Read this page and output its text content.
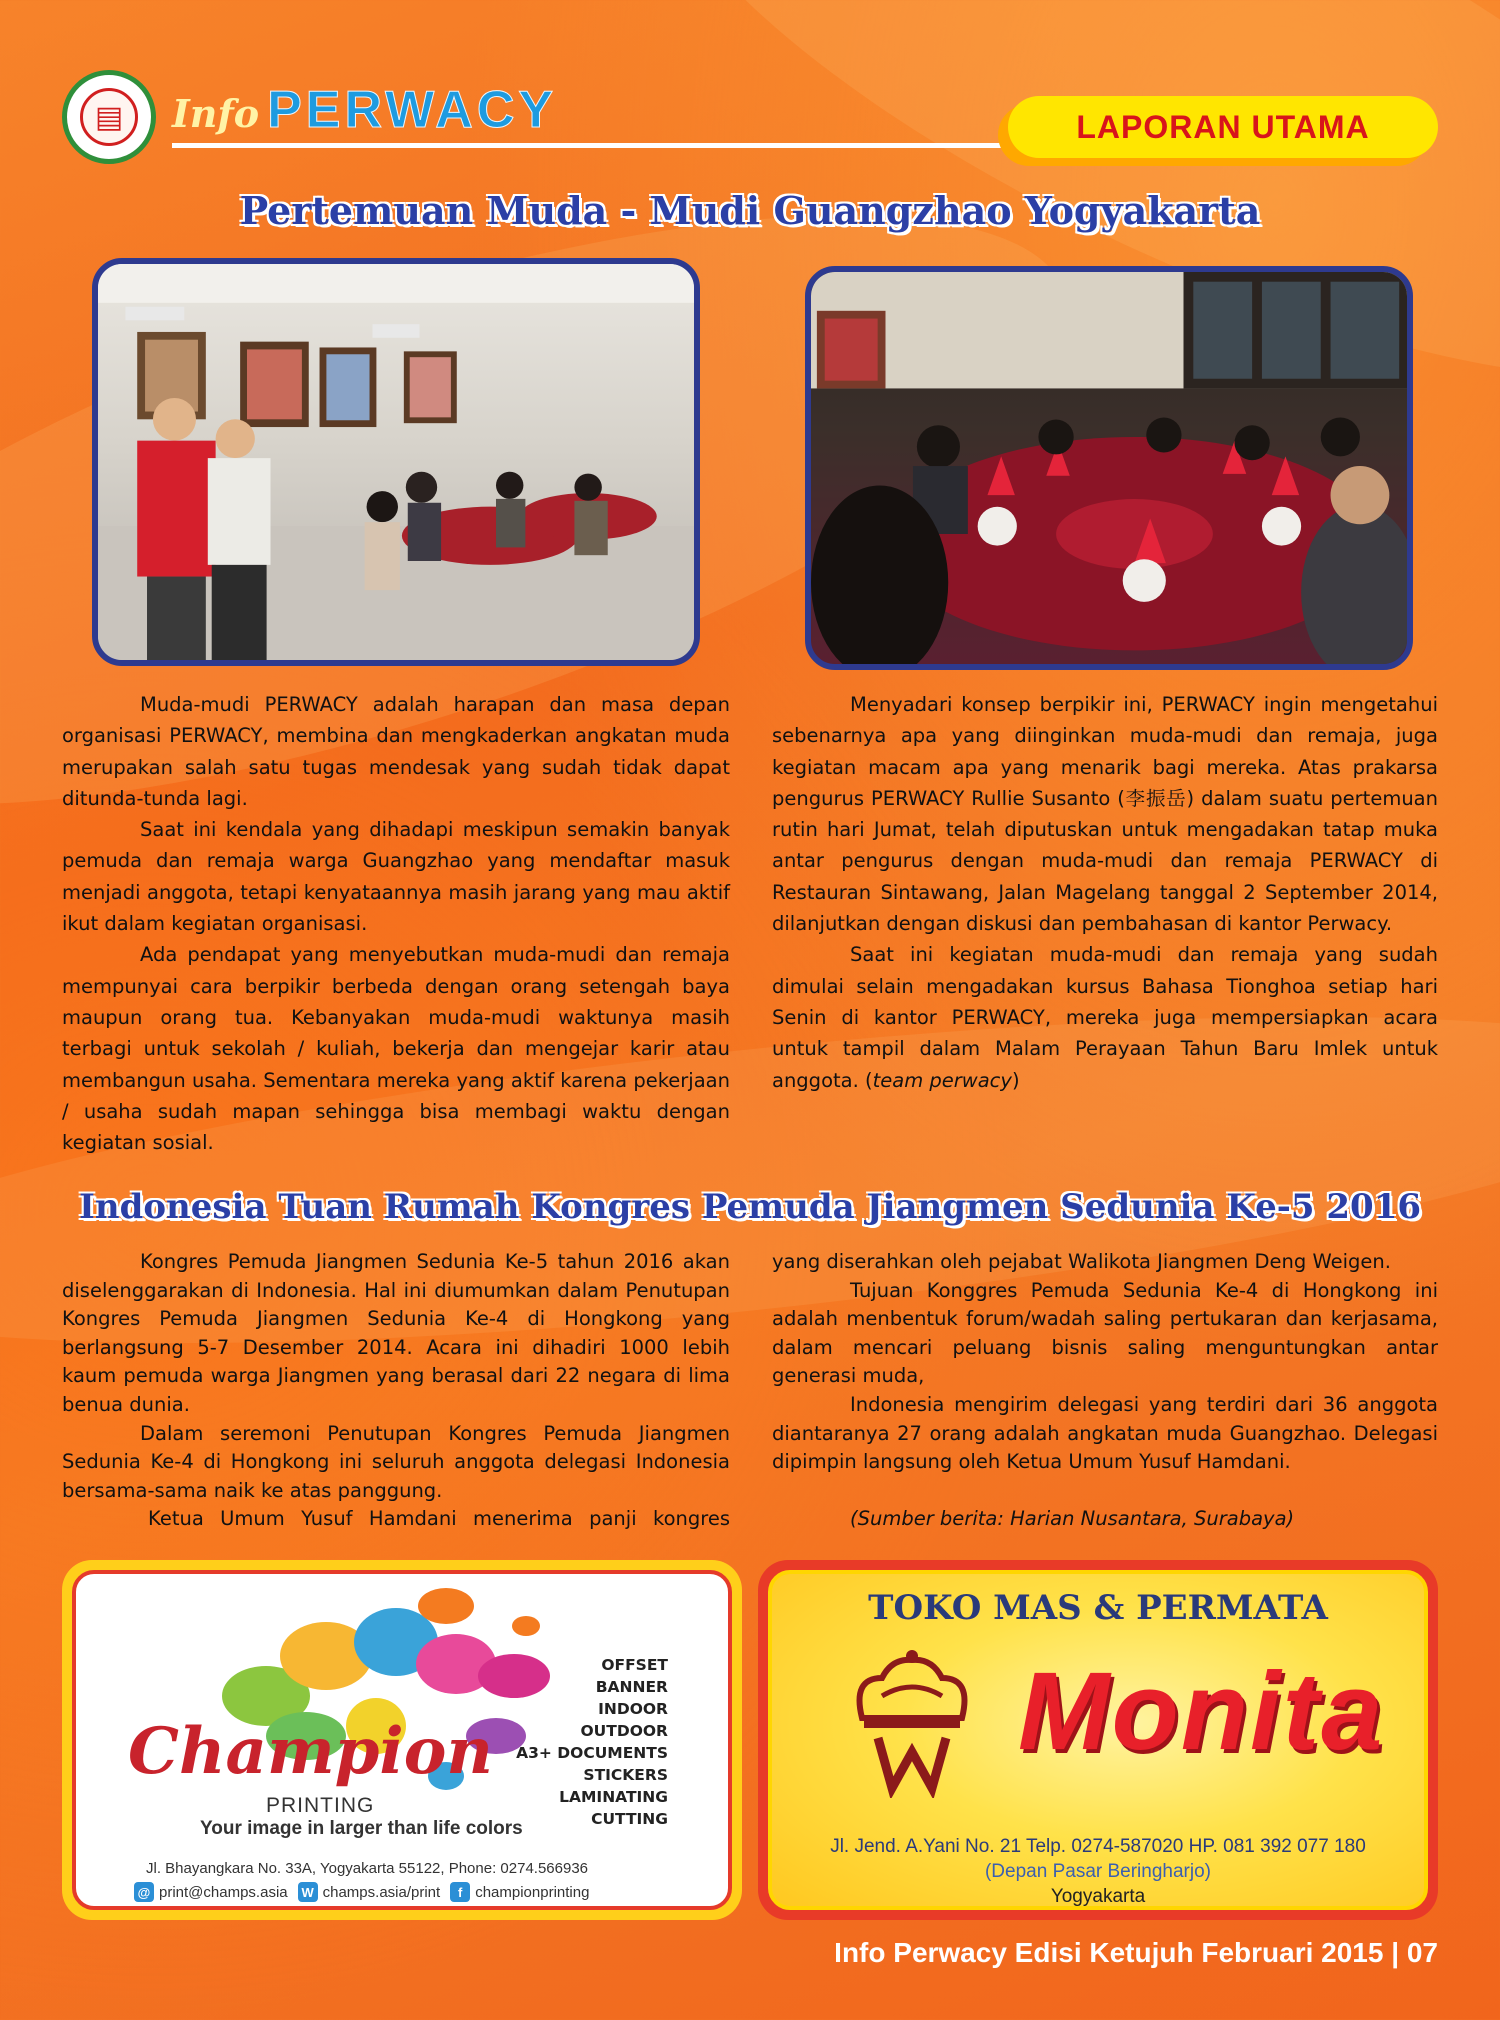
▤	Info PERWACY	LAPORAN UTAMA
Pertemuan Muda - Mudi Guangzhao Yogyakarta

Muda-mudi PERWACY adalah harapan dan masa depan organisasi PERWACY, membina dan mengkaderkan angkatan muda merupakan salah satu tugas mendesak yang sudah tidak dapat ditunda-tunda lagi.

Saat ini kendala yang dihadapi meskipun semakin banyak pemuda dan remaja warga Guangzhao yang mendaftar masuk menjadi anggota, tetapi kenyataannya masih jarang yang mau aktif ikut dalam kegiatan organisasi.

Ada pendapat yang menyebutkan muda-mudi dan remaja mempunyai cara berpikir berbeda dengan orang setengah baya maupun orang tua. Kebanyakan muda-mudi waktunya masih terbagi untuk sekolah / kuliah, bekerja dan mengejar karir atau membangun usaha. Sementara mereka yang aktif karena pekerjaan / usaha sudah mapan sehingga bisa membagi waktu dengan kegiatan sosial.

Menyadari konsep berpikir ini, PERWACY ingin mengetahui sebenarnya apa yang diinginkan muda-mudi dan remaja, juga kegiatan macam apa yang menarik bagi mereka. Atas prakarsa pengurus PERWACY Rullie Susanto (李振岳) dalam suatu pertemuan rutin hari Jumat, telah diputuskan untuk mengadakan tatap muka antar pengurus dengan muda-mudi dan remaja PERWACY di Restauran Sintawang, Jalan Magelang tanggal 2 September 2014, dilanjutkan dengan diskusi dan pembahasan di kantor Perwacy.

Saat ini kegiatan muda-mudi dan remaja yang sudah dimulai selain mengadakan kursus Bahasa Tionghoa setiap hari Senin di kantor PERWACY, mereka juga mempersiapkan acara untuk tampil dalam Malam Perayaan Tahun Baru Imlek untuk anggota. (team perwacy)

Indonesia Tuan Rumah Kongres Pemuda Jiangmen Sedunia Ke-5 2016

Kongres Pemuda Jiangmen Sedunia Ke-5 tahun 2016 akan diselenggarakan di Indonesia. Hal ini diumumkan dalam Penutupan Kongres Pemuda Jiangmen Sedunia Ke-4 di Hongkong yang berlangsung 5-7 Desember 2014. Acara ini dihadiri 1000 lebih kaum pemuda warga Jiangmen yang berasal dari 22 negara di lima benua dunia.

Dalam seremoni Penutupan Kongres Pemuda Jiangmen Sedunia Ke-4 di Hongkong ini seluruh anggota delegasi Indonesia bersama-sama naik ke atas panggung.

Ketua Umum Yusuf Hamdani menerima panji kongres

yang diserahkan oleh pejabat Walikota Jiangmen Deng Weigen.

Tujuan Konggres Pemuda Sedunia Ke-4 di Hongkong ini adalah menbentuk forum/wadah saling pertukaran dan kerjasama, dalam mencari peluang bisnis saling menguntungkan antar generasi muda,

Indonesia mengirim delegasi yang terdiri dari 36 anggota diantaranya 27 orang adalah angkatan muda Guangzhao. Delegasi dipimpin langsung oleh Ketua Umum Yusuf Hamdani.

(Sumber berita: Harian Nusantara, Surabaya)

OFFSET
BANNER
INDOOR
OUTDOOR
A3+ DOCUMENTS
STICKERS
LAMINATING
CUTTING
Champion
PRINTING
Your image in larger than life colors
Jl. Bhayangkara No. 33A, Yogyakarta 55122, Phone: 0274.566936
@ print@champs.asia W champs.asia/print	f championprinting
TOKO MAS & PERMATA
Monita
Jl. Jend. A.Yani No. 21 Telp. 0274-587020 HP. 081 392 077 180
(Depan Pasar Beringharjo)
Yogyakarta
Info Perwacy Edisi Ketujuh Februari 2015 | 07
